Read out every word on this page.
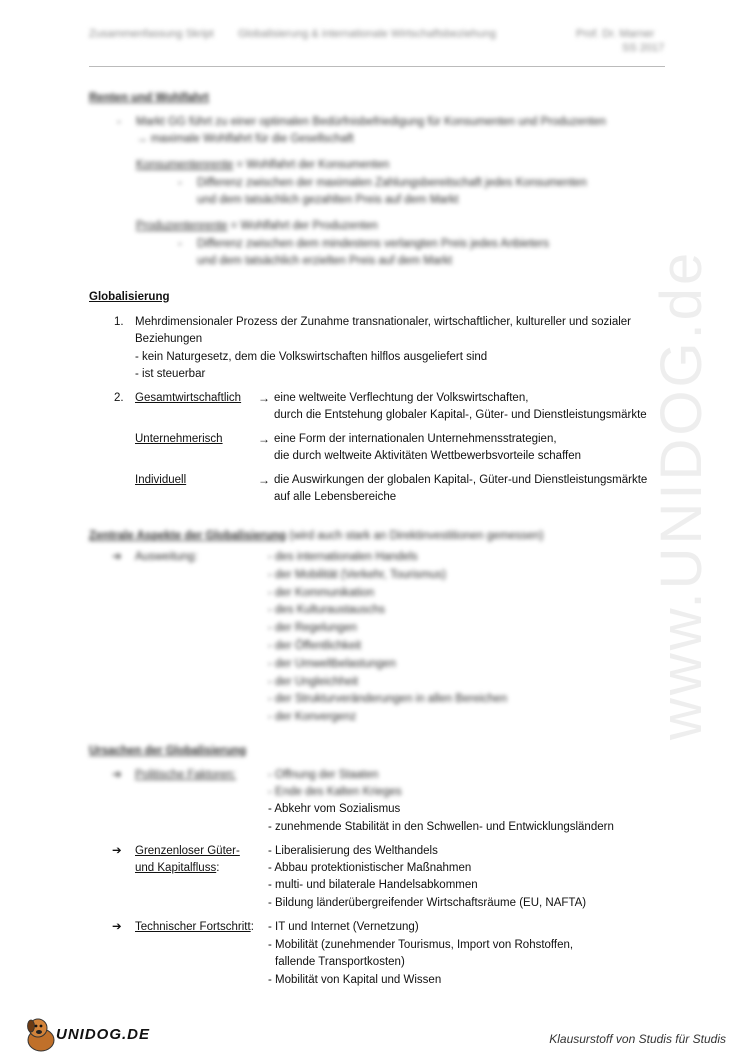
Zusammenfassung Skript Globalisierung & internationale Wirtschaftsbeziehung	Prof. Dr. Marner
SS 2017
www.UNIDOG.de
Renten und Wohlfahrt
- Markt GG führt zu einer optimalen Bedürfnisbefriedigung für Konsumenten und Produzenten
→ maximale Wohlfahrt für die Gesellschaft
Konsumentenrente = Wohlfahrt der Konsumenten
- Differenz zwischen der maximalen Zahlungsbereitschaft jedes Konsumenten
und dem tatsächlich gezahlten Preis auf dem Markt
Produzentenrente = Wohlfahrt der Produzenten
- Differenz zwischen dem mindestens verlangten Preis jedes Anbieters
und dem tatsächlich erzielten Preis auf dem Markt
Globalisierung
1. Mehrdimensionaler Prozess der Zunahme transnationaler, wirtschaftlicher, kultureller und sozialer
Beziehungen
- kein Naturgesetz, dem die Volkswirtschaften hilflos ausgeliefert sind
- ist steuerbar
2. Gesamtwirtschaftlich → eine weltweite Verflechtung der Volkswirtschaften,
durch die Entstehung globaler Kapital-, Güter- und Dienstleistungsmärkte
Unternehmerisch	→ eine Form der internationalen Unternehmensstrategien,
die durch weltweite Aktivitäten Wettbewerbsvorteile schaffen
Individuell	→ die Auswirkungen der globalen Kapital-, Güter-und Dienstleistungsmärkte
auf alle Lebensbereiche
Zentrale Aspekte der Globalisierung (wird auch stark an Direktinvestitionen gemessen)
➔ Ausweitung:	- des internationalen Handels
- der Mobilität (Verkehr, Tourismus)
- der Kommunikation
- des Kulturaustauschs
- der Regelungen
- der Öffentlichkeit
- der Umweltbelastungen
- der Ungleichheit
- der Strukturveränderungen in allen Bereichen
- der Konvergenz
Ursachen der Globalisierung
➔ Politische Faktoren:	- Öffnung der Staaten
- Ende des Kalten Krieges
- Abkehr vom Sozialismus
- zunehmende Stabilität in den Schwellen- und Entwicklungsländern
➔ Grenzenloser Güter-
und Kapitalfluss:
- Liberalisierung des Welthandels
- Abbau protektionistischer Maßnahmen
- multi- und bilaterale Handelsabkommen
- Bildung länderübergreifender Wirtschaftsräume (EU, NAFTA)
➔ Technischer Fortschritt: - IT und Internet (Vernetzung)
- Mobilität (zunehmender Tourismus, Import von Rohstoffen,
fallende Transportkosten)
- Mobilität von Kapital und Wissen
UNIDOG.DE	Klausurstoff von Studis für Studis
